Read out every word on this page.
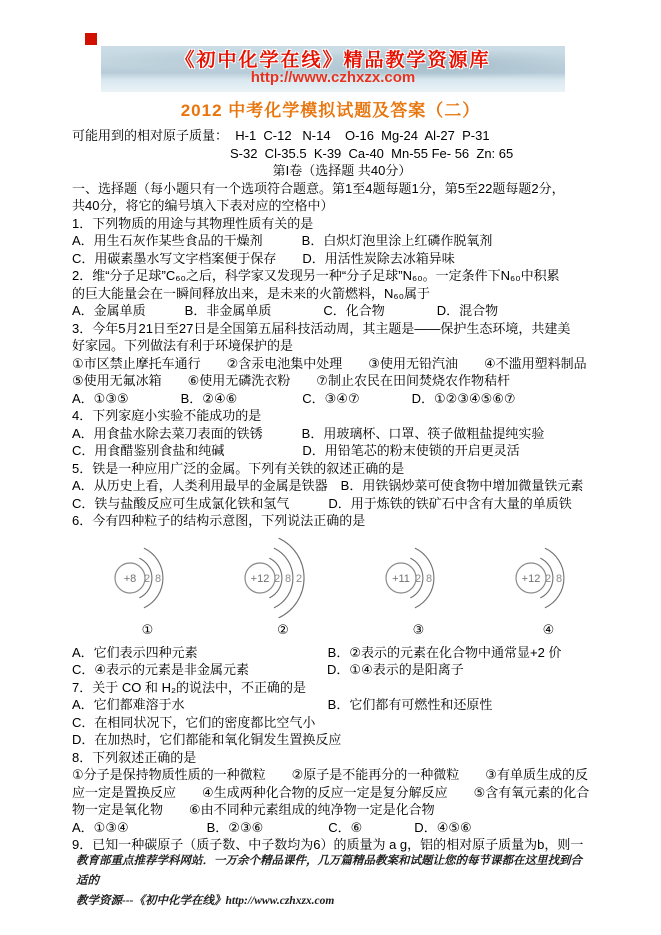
《初中化学在线》精品教学资源库
http://www.czhxzx.com
2012 中考化学模拟试题及答案（二）
可能用到的相对原子质量：  H-1  C-12   N-14    O-16  Mg-24  Al-27  P-31
S-32  Cl-35.5  K-39  Ca-40  Mn-55 Fe- 56  Zn: 65
第I卷（选择题 共40分）
一、选择题（每小题只有一个选项符合题意。第1至4题每题1分，第5至22题每题2分，
共40分，将它的编号填入下表对应的空格中）
1．下列物质的用途与其物理性质有关的是
A．用生石灰作某些食品的干燥剂　　　B．白炽灯泡里涂上红磷作脱氧剂
C．用碳素墨水写文字档案便于保存　　D．用活性炭除去冰箱异味
2．维“分子足球”C₆₀之后，科学家又发现另一种“分子足球”N₆₀。一定条件下N₆₀中积累
的巨大能量会在一瞬间释放出来，是未来的火箭燃料，N₆₀属于
A．金属单质　　　B．非金属单质　　　　C．化合物　　　　D．混合物
3．今年5月21日至27日是全国第五届科技活动周，其主题是——保护生态环境，共建美
好家园。下列做法有利于环境保护的是
①市区禁止摩托车通行　　②含汞电池集中处理　　③使用无铅汽油　　④不滥用塑料制品
⑤使用无氟冰箱　　⑥使用无磷洗衣粉　　⑦制止农民在田间焚烧农作物秸杆
A．①③⑤　　　　B．②④⑥　　　　　C．③④⑦　　　　D．①②③④⑤⑥⑦
4．下列家庭小实验不能成功的是
A．用食盐水除去菜刀表面的铁锈　　　B．用玻璃杯、口罩、筷子做粗盐提纯实验
C．用食醋鉴别食盐和纯碱　　　　　　D．用铅笔芯的粉末使锁的开启更灵活
5．铁是一种应用广泛的金属。下列有关铁的叙述正确的是
A．从历史上看，人类利用最早的金属是铁器　B．用铁锅炒菜可使食物中增加微量铁元素
C．铁与盐酸反应可生成氯化铁和氢气　　　D．用于炼铁的铁矿石中含有大量的单质铁
6．今有四种粒子的结构示意图，下列说法正确的是
+8 2 8
①
+12 2 8 2
②
+11 2 8
③
+12 2 8
④
A．它们表示四种元素　　　　　　　　　　B．②表示的元素在化合物中通常显+2 价
C．④表示的元素是非金属元素　　　　　　D．①④表示的是阳离子
7．关于 CO 和 H₂的说法中，不正确的是
A．它们都难溶于水　　　　　　　　　　　B．它们都有可燃性和还原性
C．在相同状况下，它们的密度都比空气小
D．在加热时，它们都能和氧化铜发生置换反应
8．下列叙述正确的是
①分子是保持物质性质的一种微粒　　②原子是不能再分的一种微粒　　③有单质生成的反
应一定是置换反应　　④生成两种化合物的反应一定是复分解反应　　⑤含有氧元素的化合
物一定是氧化物　　⑥由不同种元素组成的纯净物一定是化合物
A．①③④　　　　　　B．②③⑥　　　　　C．⑥　　　　D．④⑤⑥
9．已知一种碳原子（质子数、中子数均为6）的质量为 a g，铝的相对原子质量为b，则一
教育部重点推荐学科网站．一万余个精品课件，几万篇精品教案和试题让您的每节课都在这里找到合适的
教学资源---《初中化学在线》http://www.czhxzx.com
